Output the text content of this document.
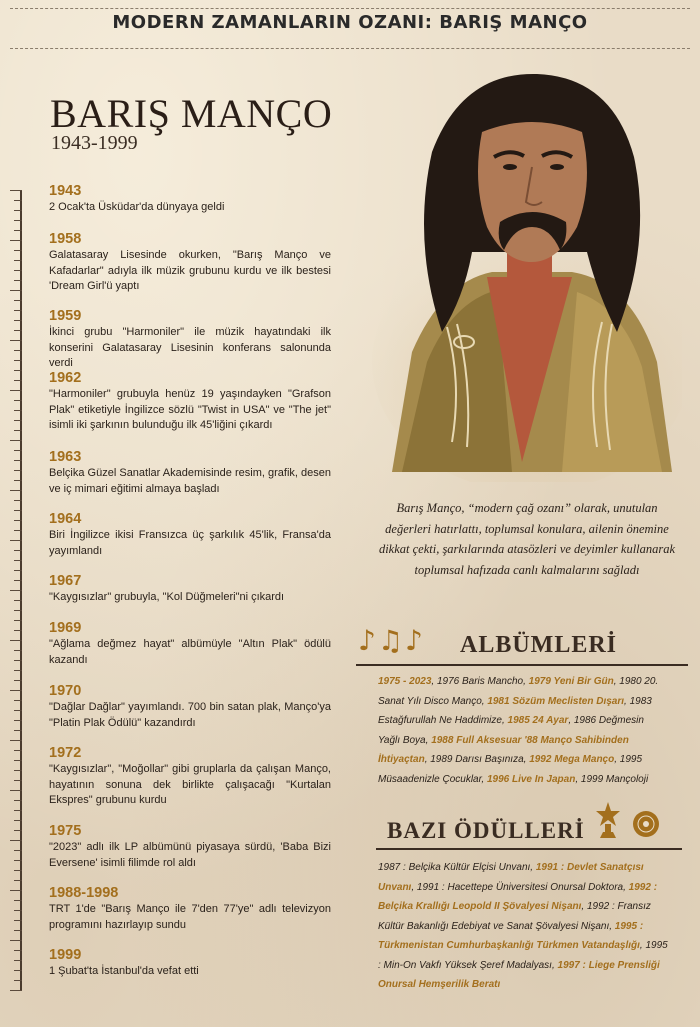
MODERN ZAMANLARIN OZANI: BARIŞ MANÇO
BARIŞ MANÇO
1943-1999
1943
2 Ocak'ta Üsküdar'da dünyaya geldi
1958
Galatasaray Lisesinde okurken, "Barış Manço ve Kafadarlar" adıyla ilk müzik grubunu kurdu ve ilk bestesi 'Dream Girl'ü yaptı
1959
İkinci grubu "Harmoniler" ile müzik hayatındaki ilk konserini Galatasaray Lisesinin konferans salonunda verdi
1962
"Harmoniler" grubuyla henüz 19 yaşındayken "Grafson Plak" etiketiyle İngilizce sözlü "Twist in USA" ve "The jet" isimli iki şarkının bulunduğu ilk 45'liğini çıkardı
1963
Belçika Güzel Sanatlar Akademisinde resim, grafik, desen ve iç mimari eğitimi almaya başladı
1964
Biri İngilizce ikisi Fransızca üç şarkılık 45'lik, Fransa'da yayımlandı
1967
"Kaygısızlar" grubuyla, "Kol Düğmeleri"ni çıkardı
1969
"Ağlama değmez hayat" albümüyle "Altın Plak" ödülü kazandı
1970
"Dağlar Dağlar" yayımlandı. 700 bin satan plak, Manço'ya "Platin Plak Ödülü" kazandırdı
1972
"Kaygısızlar", "Moğollar" gibi gruplarla da çalışan Manço, hayatının sonuna dek birlikte çalışacağı "Kurtalan Ekspres" grubunu kurdu
1975
"2023" adlı ilk LP albümünü piyasaya sürdü, 'Baba Bizi Eversene' isimli filimde rol aldı
1988-1998
TRT 1'de "Barış Manço ile 7'den 77'ye" adlı televizyon programını hazırlayıp sundu
1999
1 Şubat'ta İstanbul'da vefat etti
Barış Manço, “modern çağ ozanı” olarak, unutulan değerleri hatırlattı, toplumsal konulara, ailenin önemine dikkat çekti, şarkılarında atasözleri ve deyimler kullanarak toplumsal hafızada canlı kalmalarını sağladı
♪♫♪ ALBÜMLERİ
1975 - 2023, 1976 Baris Mancho, 1979 Yeni Bir Gün, 1980 20. Sanat Yılı Disco Manço, 1981 Sözüm Meclisten Dışarı, 1983 Estağfurullah Ne Haddimize, 1985 24 Ayar, 1986 Değmesin Yağlı Boya, 1988 Full Aksesuar '88 Manço Sahibinden İhtiyaçtan, 1989 Darısı Başınıza, 1992 Mega Manço, 1995 Müsaadenizle Çocuklar, 1996 Live In Japan, 1999 Mançoloji
BAZI ÖDÜLLERİ
1987 : Belçika Kültür Elçisi Unvanı, 1991 : Devlet Sanatçısı Unvanı, 1991 : Hacettepe Üniversitesi Onursal Doktora, 1992 : Belçika Krallığı Leopold II Şövalyesi Nişanı, 1992 : Fransız Kültür Bakanlığı Edebiyat ve Sanat Şövalyesi Nişanı, 1995 : Türkmenistan Cumhurbaşkanlığı Türkmen Vatandaşlığı, 1995 : Min-On Vakfı Yüksek Şeref Madalyası, 1997 : Liege Prensliği Onursal Hemşerilik Beratı
